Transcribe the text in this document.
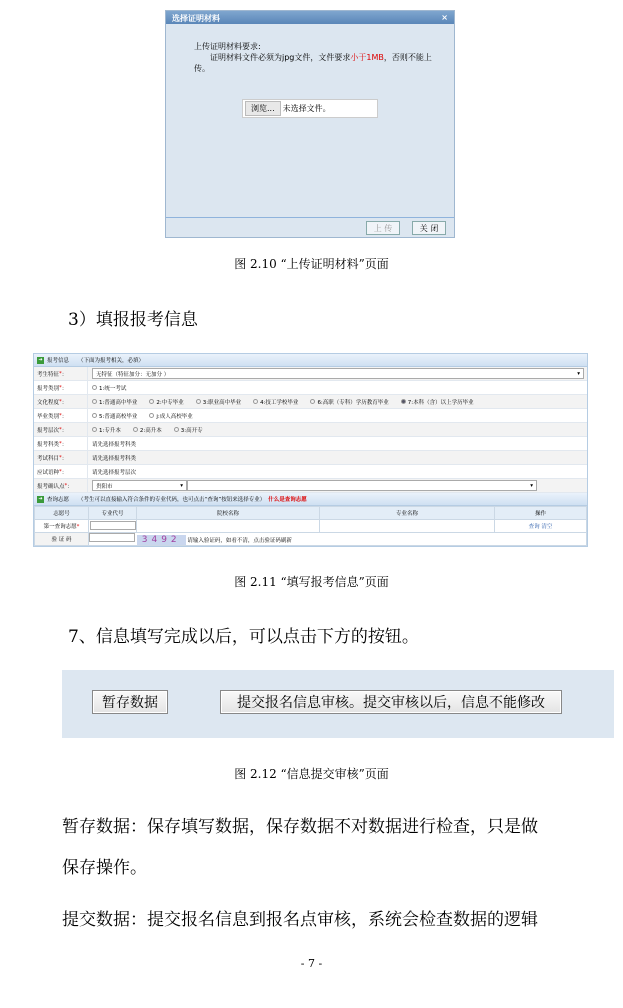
选择证明材料	×
上传证明材料要求:
证明材料文件必须为jpg文件，文件要求小于1MB，否则不能上传。
浏览...	未选择文件。
上 传	关 闭
图 2.10 “上传证明材料”页面
3）填报报考信息
➜ 报考信息 （下面为报考相关，必填）
考生特征 * ：	无特征（特征加分：无加分 ）	▾
报考类别 * ：	1:统一考试
文化程度 * ：	1:普通高中毕业	2:中专毕业	3:职业高中毕业	4:技工学校毕业	6:高职（专科）学历教育毕业	7:本科（含）以上学历毕业
毕业类别 * ：	5:普通高校毕业	j:成人高校毕业
报考层次 * ：	1:专升本	2:高升本	3:高开专
报考科类 * ：	请先选择报考科类
考试科目 * ：	请先选择报考科类
应试语种 * ：	请先选择报考层次
报考确认点 * ：	贵阳市	▾	▾
➜ 查询志愿 （考生可以直接输入符合条件的专业代码，也可点击“查询”按钮来选择专业） 什么是查询志愿
志愿号	专业代号	院校名称	专业名称	操作
第一查询志愿*				查询 清空
验 证 码	3492 请输入验证码，如看不清，点击验证码刷新			
图 2.11 “填写报考信息”页面
7、信息填写完成以后，可以点击下方的按钮。
暂存数据	提交报名信息审核。提交审核以后，信息不能修改
图 2.12 “信息提交审核”页面
暂存数据：保存填写数据，保存数据不对数据进行检查，只是做
保存操作。
提交数据：提交报名信息到报名点审核，系统会检查数据的逻辑
- 7 -
